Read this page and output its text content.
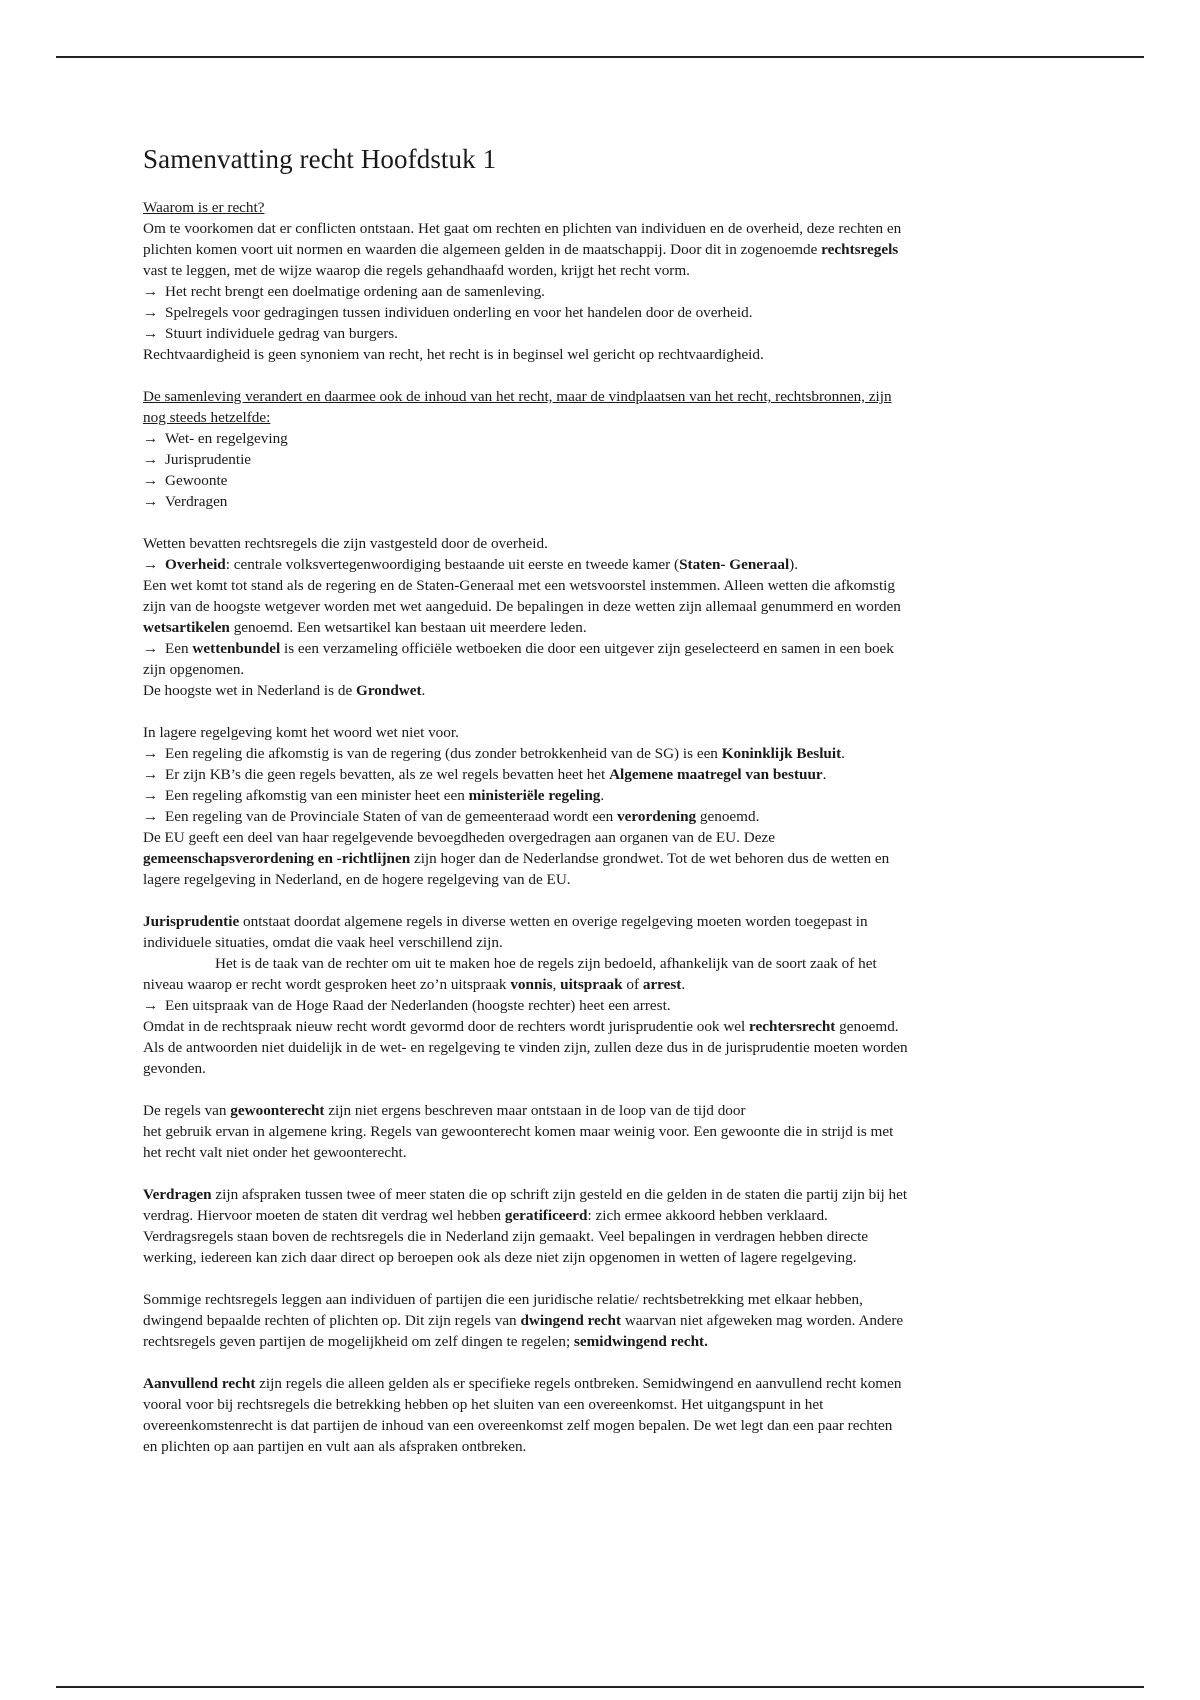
Samenvatting recht Hoofdstuk 1
Waarom is er recht?
Om te voorkomen dat er conflicten ontstaan. Het gaat om rechten en plichten van individuen en de overheid, deze rechten en
plichten komen voort uit normen en waarden die algemeen gelden in de maatschappij. Door dit in zogenoemde rechtsregels
vast te leggen, met de wijze waarop die regels gehandhaafd worden, krijgt het recht vorm.
→ Het recht brengt een doelmatige ordening aan de samenleving.
→ Spelregels voor gedragingen tussen individuen onderling en voor het handelen door de overheid.
→ Stuurt individuele gedrag van burgers.
Rechtvaardigheid is geen synoniem van recht, het recht is in beginsel wel gericht op rechtvaardigheid.
De samenleving verandert en daarmee ook de inhoud van het recht, maar de vindplaatsen van het recht, rechtsbronnen, zijn
nog steeds hetzelfde:
→ Wet- en regelgeving
→ Jurisprudentie
→ Gewoonte
→ Verdragen
Wetten bevatten rechtsregels die zijn vastgesteld door de overheid.
→ Overheid: centrale volksvertegenwoordiging bestaande uit eerste en tweede kamer (Staten- Generaal).
Een wet komt tot stand als de regering en de Staten-Generaal met een wetsvoorstel instemmen. Alleen wetten die afkomstig
zijn van de hoogste wetgever worden met wet aangeduid. De bepalingen in deze wetten zijn allemaal genummerd en worden
wetsartikelen genoemd. Een wetsartikel kan bestaan uit meerdere leden.
→ Een wettenbundel is een verzameling officiële wetboeken die door een uitgever zijn geselecteerd en samen in een boek
zijn opgenomen.
De hoogste wet in Nederland is de Grondwet.
In lagere regelgeving komt het woord wet niet voor.
→ Een regeling die afkomstig is van de regering (dus zonder betrokkenheid van de SG) is een Koninklijk Besluit.
→ Er zijn KB’s die geen regels bevatten, als ze wel regels bevatten heet het Algemene maatregel van bestuur.
→ Een regeling afkomstig van een minister heet een ministeriële regeling.
→ Een regeling van de Provinciale Staten of van de gemeenteraad wordt een verordening genoemd.
De EU geeft een deel van haar regelgevende bevoegdheden overgedragen aan organen van de EU. Deze
gemeenschapsverordening en -richtlijnen zijn hoger dan de Nederlandse grondwet. Tot de wet behoren dus de wetten en
lagere regelgeving in Nederland, en de hogere regelgeving van de EU.
Jurisprudentie ontstaat doordat algemene regels in diverse wetten en overige regelgeving moeten worden toegepast in
individuele situaties, omdat die vaak heel verschillend zijn.
Het is de taak van de rechter om uit te maken hoe de regels zijn bedoeld, afhankelijk van de soort zaak of het
niveau waarop er recht wordt gesproken heet zo’n uitspraak vonnis, uitspraak of arrest.
→ Een uitspraak van de Hoge Raad der Nederlanden (hoogste rechter) heet een arrest.
Omdat in de rechtspraak nieuw recht wordt gevormd door de rechters wordt jurisprudentie ook wel rechtersrecht genoemd.
Als de antwoorden niet duidelijk in de wet- en regelgeving te vinden zijn, zullen deze dus in de jurisprudentie moeten worden
gevonden.
De regels van gewoonterecht zijn niet ergens beschreven maar ontstaan in de loop van de tijd door
het gebruik ervan in algemene kring. Regels van gewoonterecht komen maar weinig voor. Een gewoonte die in strijd is met
het recht valt niet onder het gewoonterecht.
Verdragen zijn afspraken tussen twee of meer staten die op schrift zijn gesteld en die gelden in de staten die partij zijn bij het
verdrag. Hiervoor moeten de staten dit verdrag wel hebben geratificeerd: zich ermee akkoord hebben verklaard.
Verdragsregels staan boven de rechtsregels die in Nederland zijn gemaakt. Veel bepalingen in verdragen hebben directe
werking, iedereen kan zich daar direct op beroepen ook als deze niet zijn opgenomen in wetten of lagere regelgeving.
Sommige rechtsregels leggen aan individuen of partijen die een juridische relatie/ rechtsbetrekking met elkaar hebben,
dwingend bepaalde rechten of plichten op. Dit zijn regels van dwingend recht waarvan niet afgeweken mag worden. Andere
rechtsregels geven partijen de mogelijkheid om zelf dingen te regelen; semidwingend recht.
Aanvullend recht zijn regels die alleen gelden als er specifieke regels ontbreken. Semidwingend en aanvullend recht komen
vooral voor bij rechtsregels die betrekking hebben op het sluiten van een overeenkomst. Het uitgangspunt in het
overeenkomstenrecht is dat partijen de inhoud van een overeenkomst zelf mogen bepalen. De wet legt dan een paar rechten
en plichten op aan partijen en vult aan als afspraken ontbreken.
